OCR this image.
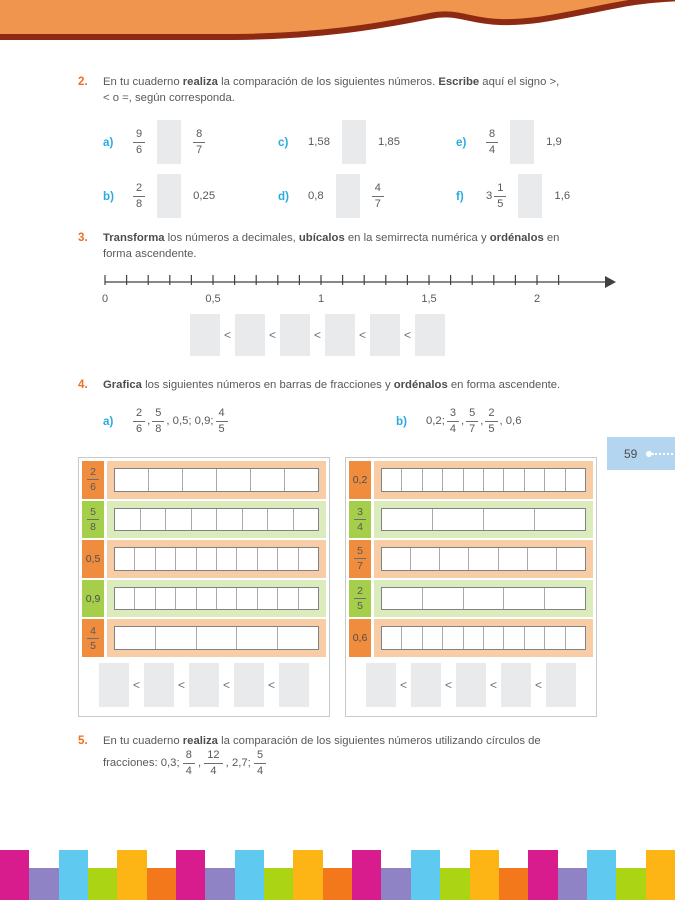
2.	En tu cuaderno realiza la comparación de los siguientes números. Escribe aquí el signo >,
< o =, según corresponda.

a)	$\frac{9}{6}$	$\frac{8}{7}$	c)	1,58	1,85	e)	$\frac{8}{4}$	1,9
b)	$\frac{2}{8}$	0,25	d)	0,8	$\frac{4}{7}$	f)	$3 \frac{1}{5}$	1,6
3.	Transforma los números a decimales, ubícalos en la semirrecta numérica y ordénalos en
forma ascendente.

0	0,5	1	1,5	2
<	<	<	<	<
4.	Grafica los siguientes números en barras de fracciones y ordénalos en forma ascendente.

a)	$\frac{2}{6}$ , $\frac{5}{8}$ , 0,5; 0,9; $\frac{4}{5}$	b)	0,2; $\frac{3}{4}$ , $\frac{5}{7}$ , $\frac{2}{5}$ , 0,6
$\frac{2}{6}$
$\frac{5}{8}$
0,5
0,9
$\frac{4}{5}$
<	<	<	<
0,2
$\frac{3}{4}$
$\frac{5}{7}$
$\frac{2}{5}$
0,6
<	<	<	<
59
5.	En tu cuaderno realiza la comparación de los siguientes números utilizando círculos de
fracciones: 0,3; $\frac{8}{4}$ , $\frac{12}{4}$ , 2,7; $\frac{5}{4}$
